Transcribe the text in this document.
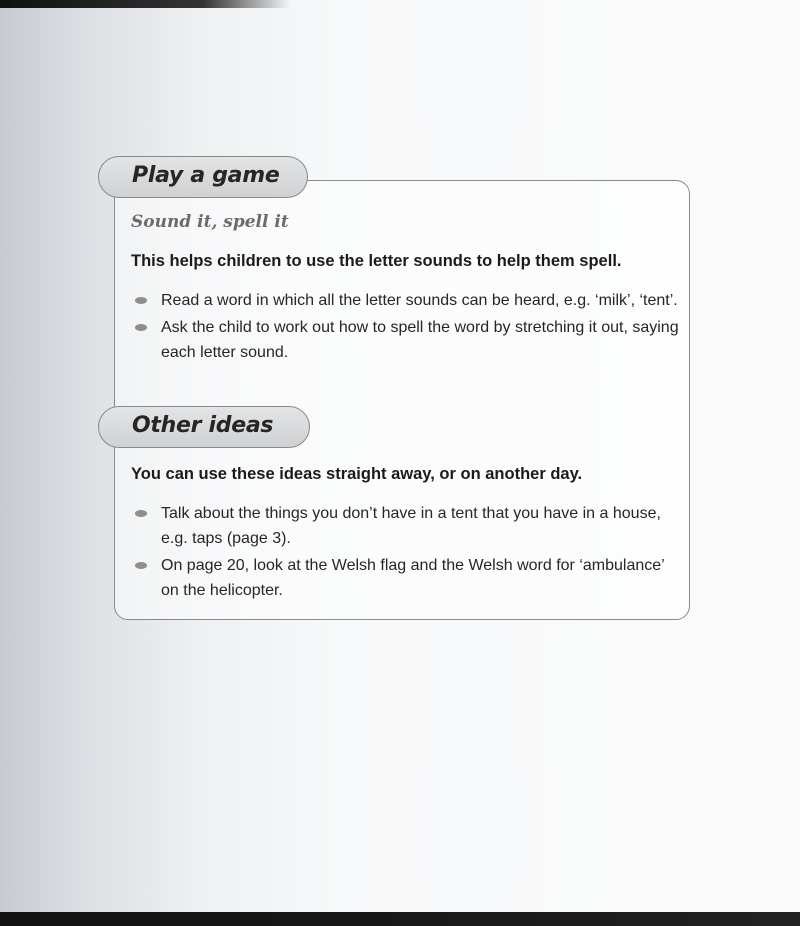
Play a game
Sound it, spell it
This helps children to use the letter sounds to help them spell.
Read a word in which all the letter sounds can be heard, e.g. ‘milk’, ‘tent’.
Ask the child to work out how to spell the word by stretching it out, saying each letter sound.
Other ideas
You can use these ideas straight away, or on another day.
Talk about the things you don’t have in a tent that you have in a house, e.g. taps (page 3).
On page 20, look at the Welsh flag and the Welsh word for ‘ambulance’ on the helicopter.
